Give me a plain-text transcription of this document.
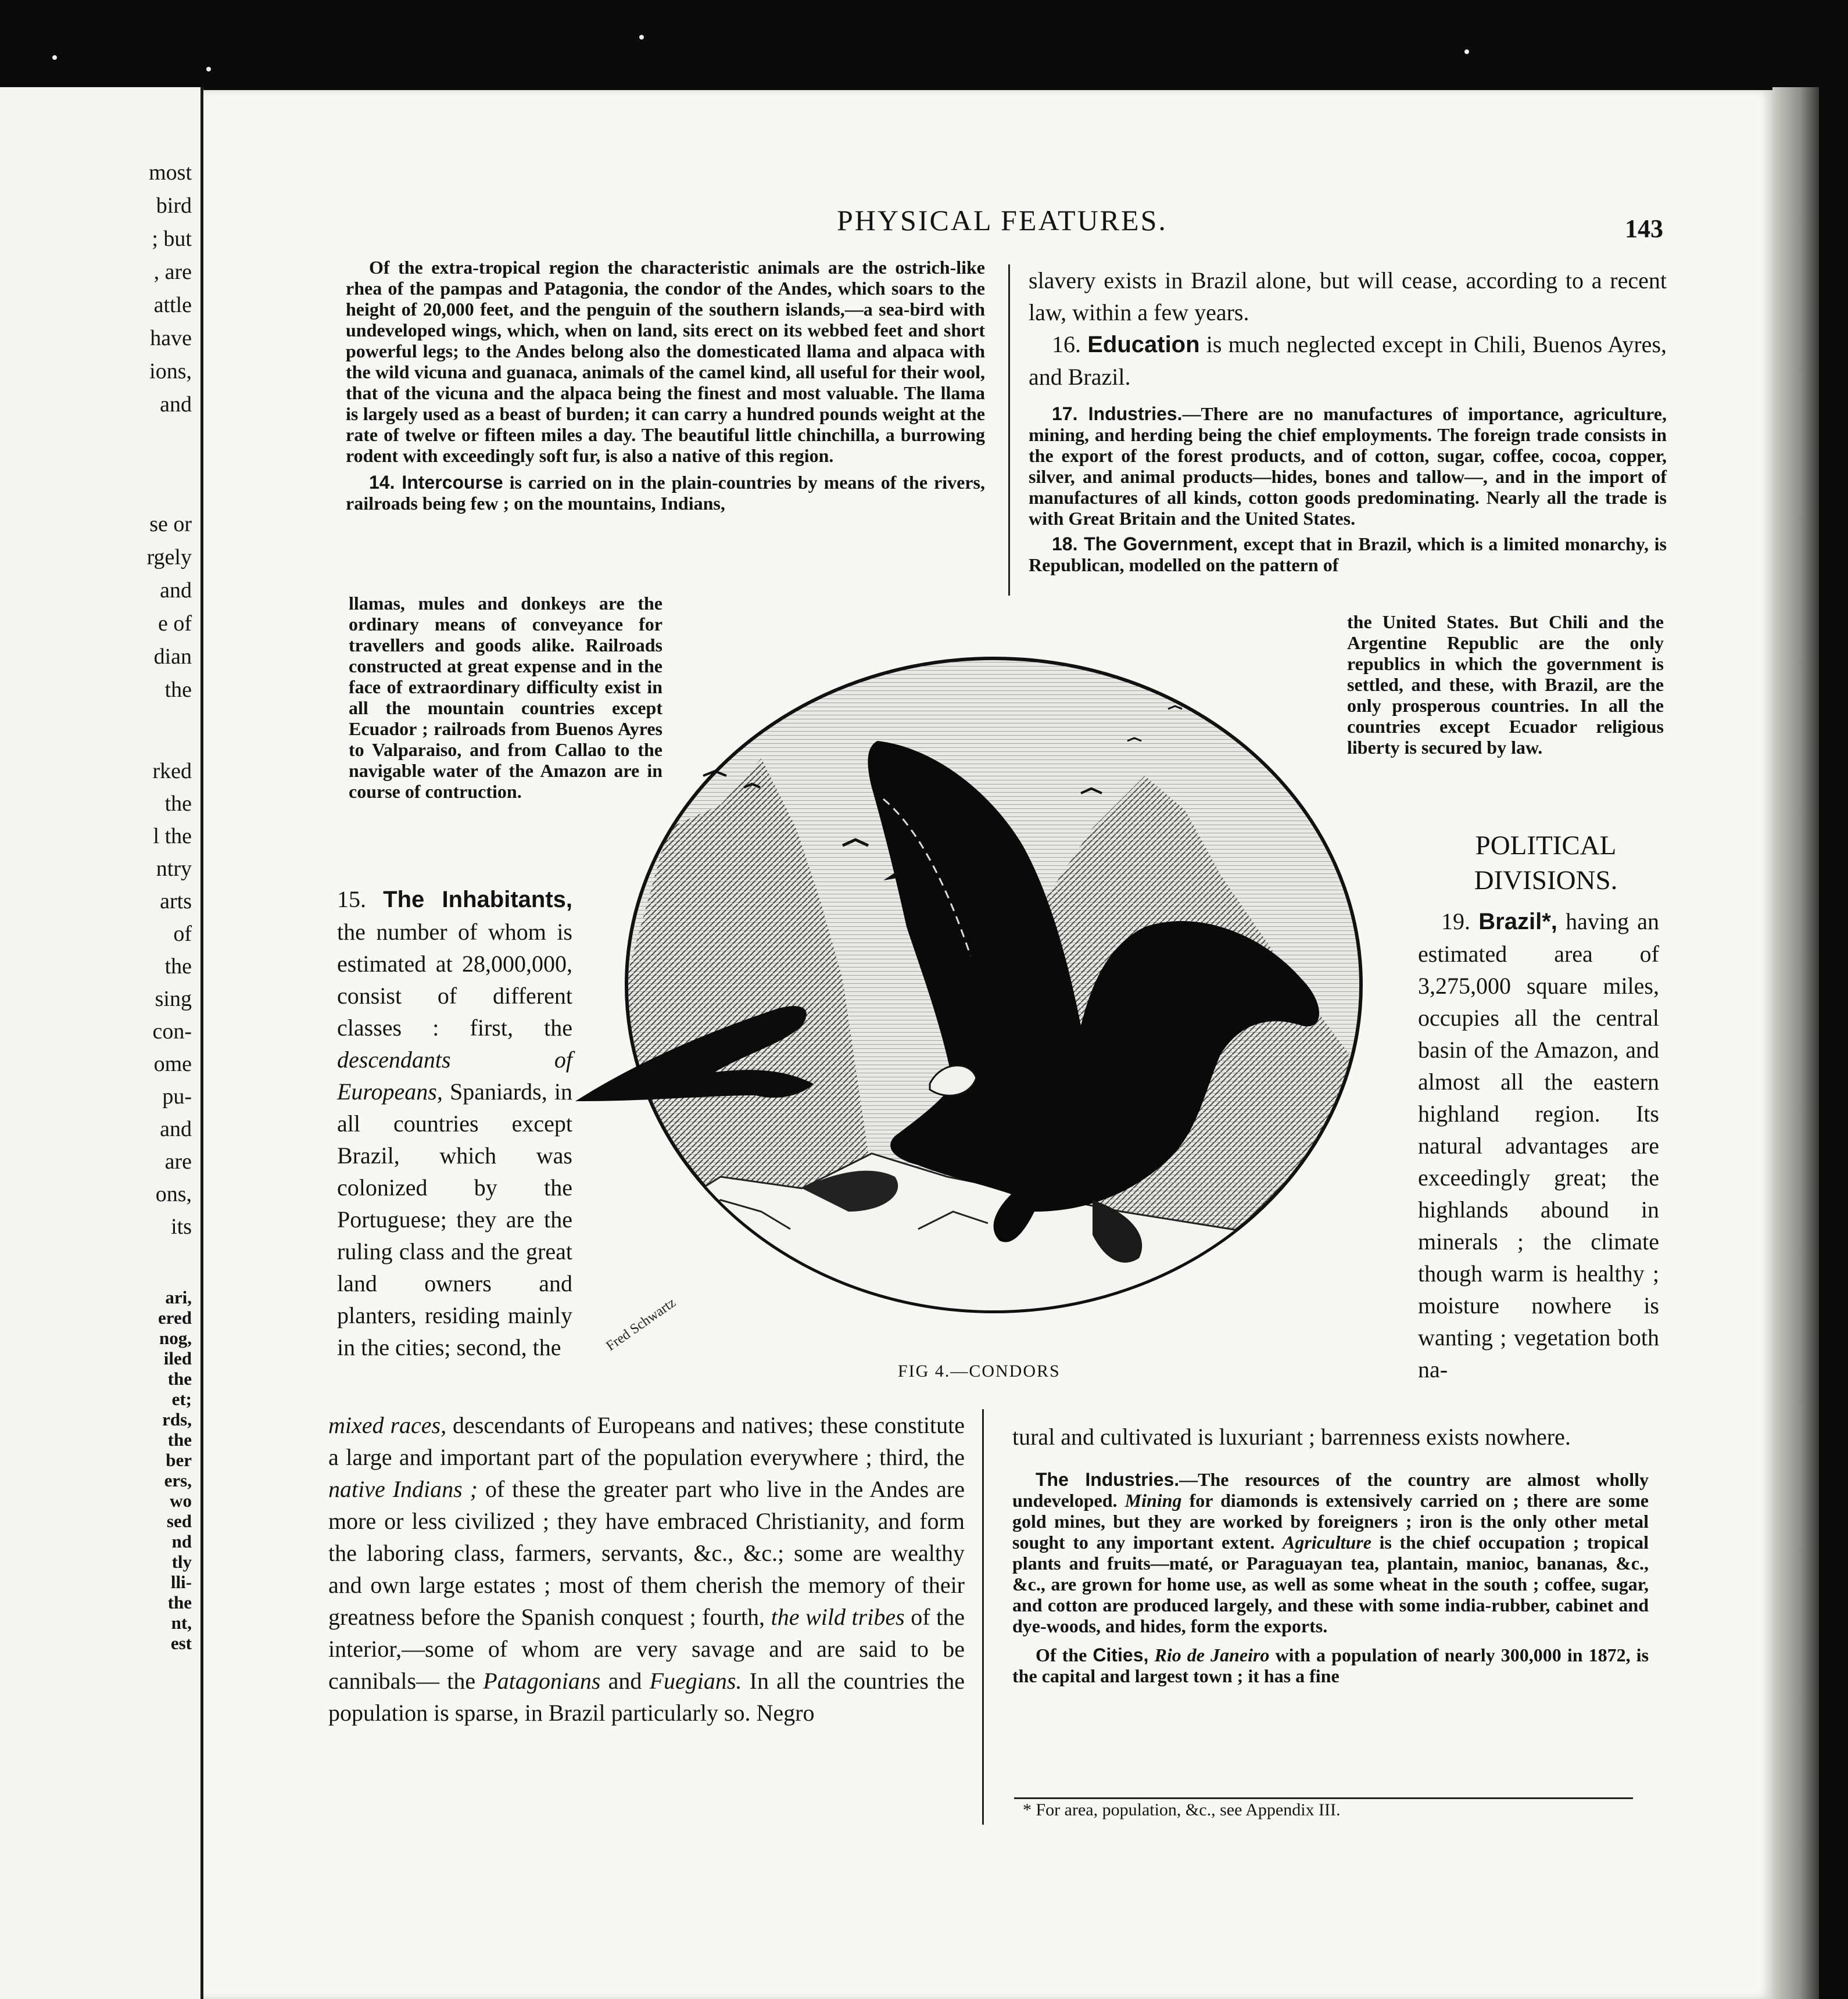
most
bird
; but
, are
attle
have
ions,
and
se or
rgely
and
e of
dian
the
rked
the
l the
ntry
arts
of
the
sing
con-
ome
pu-
and
are
ons,
its
ari,
ered
nog,
iled
the
et;
rds,
the
ber
ers,
wo
sed
nd
tly
lli-
the
nt,
est
PHYSICAL FEATURES.	143

Of the extra-tropical region the characteristic animals are the ostrich-like rhea of the pampas and Patagonia, the condor of the Andes, which soars to the height of 20,000 feet, and the penguin of the southern islands,—a sea-bird with undeveloped wings, which, when on land, sits erect on its webbed feet and short powerful legs; to the Andes belong also the domesticated llama and alpaca with the wild vicuna and guanaca, animals of the camel kind, all useful for their wool, that of the vicuna and the alpaca being the finest and most valuable. The llama is largely used as a beast of burden; it can carry a hundred pounds weight at the rate of twelve or fifteen miles a day. The beautiful little chinchilla, a burrowing rodent with exceedingly soft fur, is also a native of this region.

14. Intercourse is carried on in the plain-countries by means of the rivers, railroads being few ; on the mountains, Indians,

llamas, mules and donkeys are the ordinary means of conveyance for travellers and goods alike. Railroads constructed at great expense and in the face of extraordinary difficulty exist in all the mountain countries except Ecuador ; railroads from Buenos Ayres to Valparaiso, and from Callao to the navigable water of the Amazon are in course of contruction.

15. The Inhabitants, the number of whom is estimated at 28,000,000, consist of different classes : first, the descendants of Europeans, Spaniards, in all countries except Brazil, which was colonized by the Portuguese; they are the ruling class and the great land owners and planters, residing mainly in the cities; second, the

mixed races, descendants of Europeans and natives; these constitute a large and important part of the population everywhere ; third, the native Indians ; of these the greater part who live in the Andes are more or less civilized ; they have embraced Christianity, and form the laboring class, farmers, servants, &c., &c.; some are wealthy and own large estates ; most of them cherish the memory of their greatness before the Spanish conquest ; fourth, the wild tribes of the interior,—some of whom are very savage and are said to be cannibals— the Patagonians and Fuegians. In all the countries the population is sparse, in Brazil particularly so. Negro

slavery exists in Brazil alone, but will cease, according to a recent law, within a few years.

16. Education is much neglected except in Chili, Buenos Ayres, and Brazil.

17. Industries.—There are no manufactures of importance, agriculture, mining, and herding being the chief employments. The foreign trade consists in the export of the forest products, and of cotton, sugar, coffee, cocoa, copper, silver, and animal products—hides, bones and tallow—, and in the import of manufactures of all kinds, cotton goods predominating. Nearly all the trade is with Great Britain and the United States.

18. The Government, except that in Brazil, which is a limited monarchy, is Republican, modelled on the pattern of

the United States. But Chili and the Argentine Republic are the only republics in which the government is settled, and these, with Brazil, are the only prosperous countries. In all the countries except Ecuador religious liberty is secured by law.

POLITICAL
DIVISIONS.

19. Brazil*, having an estimated area of 3,275,000 square miles, occupies all the central basin of the Amazon, and almost all the eastern highland region. Its natural advantages are exceedingly great; the highlands abound in minerals ; the climate though warm is healthy ; moisture nowhere is wanting ; vegetation both na-

tural and cultivated is luxuriant ; barrenness exists nowhere.

The Industries.—The resources of the country are almost wholly undeveloped. Mining for diamonds is extensively carried on ; there are some gold mines, but they are worked by foreigners ; iron is the only other metal sought to any important extent. Agriculture is the chief occupation ; tropical plants and fruits—maté, or Paraguayan tea, plantain, manioc, bananas, &c., &c., are grown for home use, as well as some wheat in the south ; coffee, sugar, and cotton are produced largely, and these with some india-rubber, cabinet and dye-woods, and hides, form the exports.

Of the Cities, Rio de Janeiro with a population of nearly 300,000 in 1872, is the capital and largest town ; it has a fine

* For area, population, &c., see Appendix III.
Fred Schwartz
FIG 4.—CONDORS
